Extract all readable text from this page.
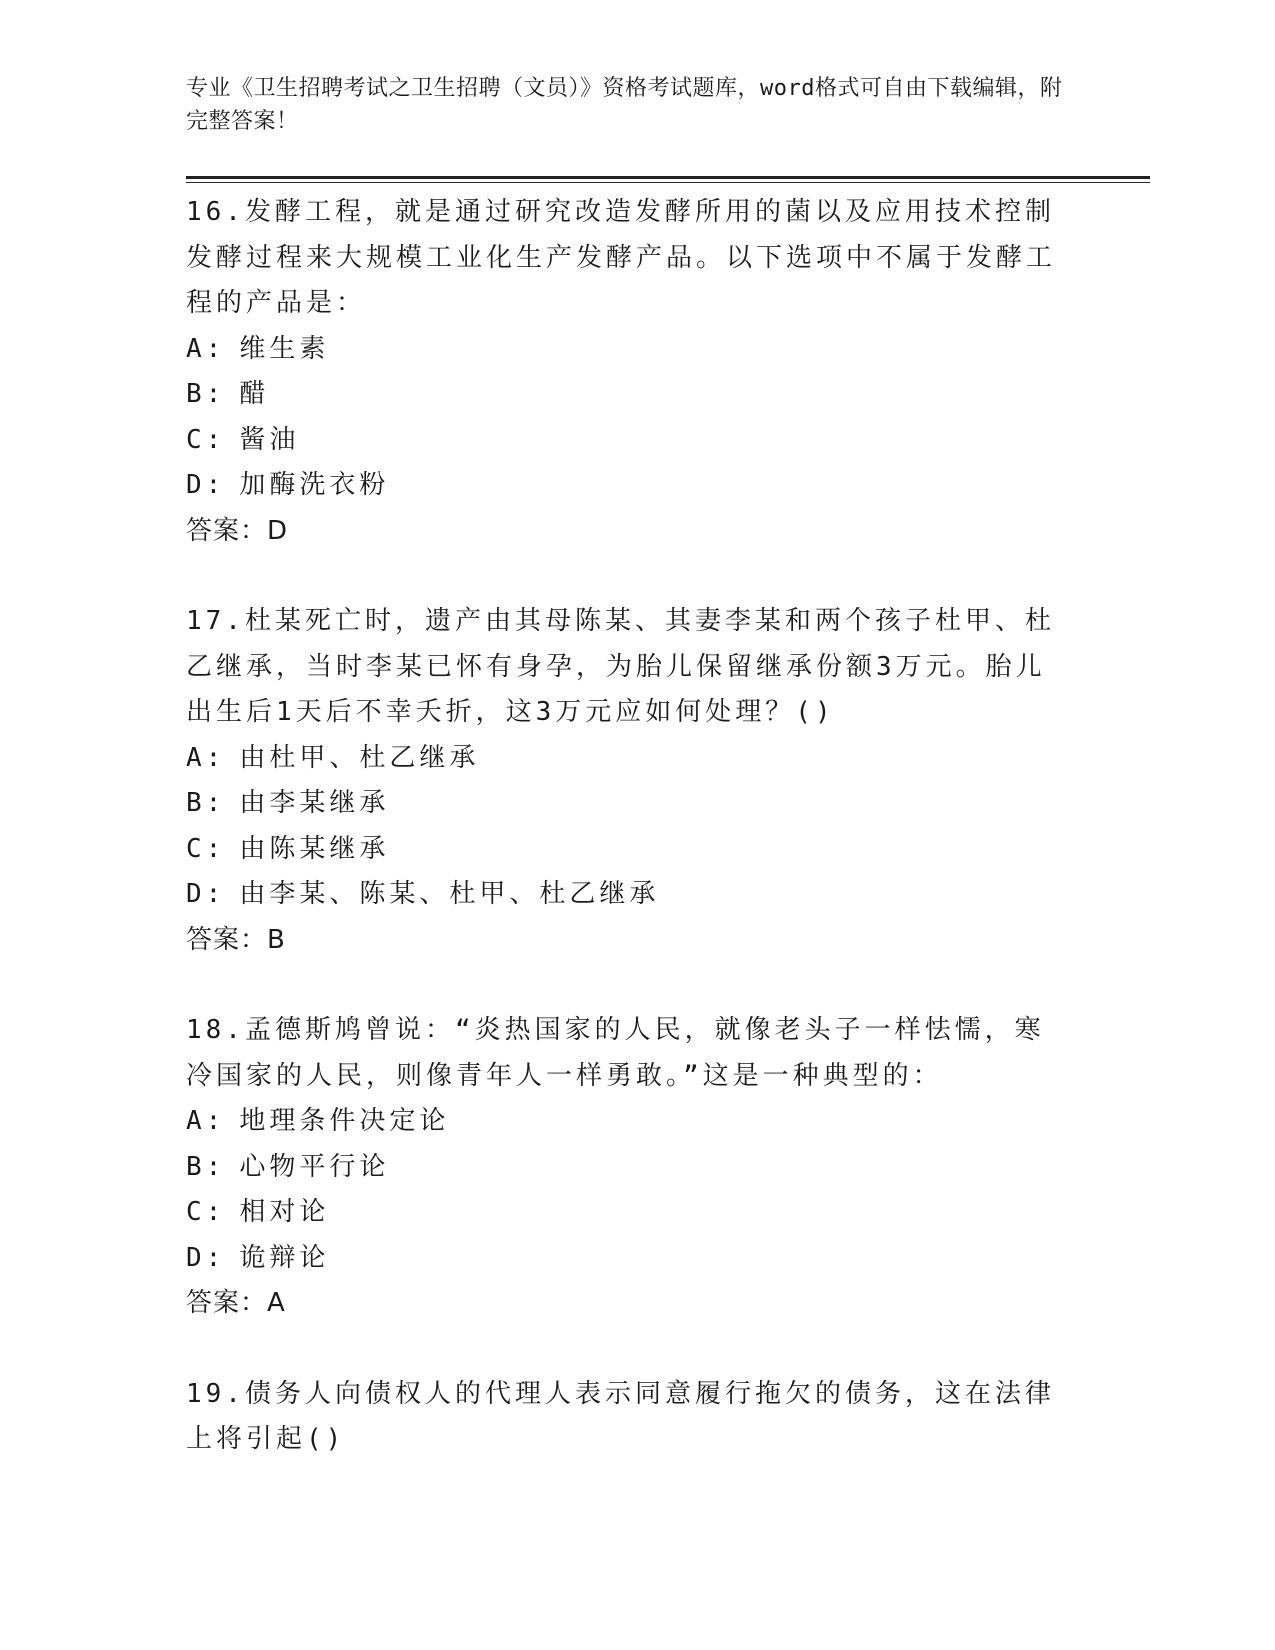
专业《卫生招聘考试之卫生招聘（文员）》资格考试题库，word格式可自由下载编辑，附完整答案！

16.发酵工程，就是通过研究改造发酵所用的菌以及应用技术控制发酵过程来大规模工业化生产发酵产品。以下选项中不属于发酵工程的产品是：

A: 维生素
B: 醋
C: 酱油
D: 加酶洗衣粉
答案：D

17.杜某死亡时，遗产由其母陈某、其妻李某和两个孩子杜甲、杜乙继承，当时李某已怀有身孕，为胎儿保留继承份额3万元。胎儿出生后1天后不幸夭折，这3万元应如何处理？()

A: 由杜甲、杜乙继承
B: 由李某继承
C: 由陈某继承
D: 由李某、陈某、杜甲、杜乙继承
答案：B

18.孟德斯鸠曾说：“炎热国家的人民，就像老头子一样怯懦，寒冷国家的人民，则像青年人一样勇敢。”这是一种典型的：

A: 地理条件决定论
B: 心物平行论
C: 相对论
D: 诡辩论
答案：A

19.债务人向债权人的代理人表示同意履行拖欠的债务，这在法律上将引起()
